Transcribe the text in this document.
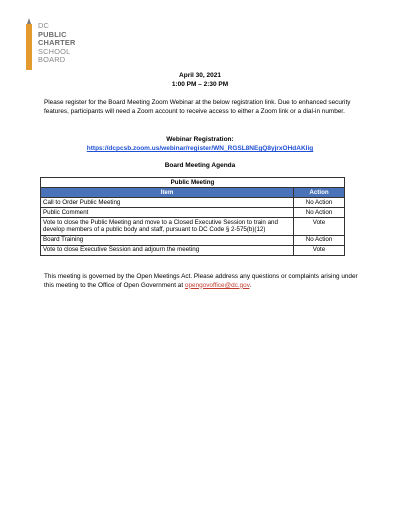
DC
PUBLIC
CHARTER
SCHOOL
BOARD
April 30, 2021
1:00 PM – 2:30 PM
Please register for the Board Meeting Zoom Webinar at the below registration link. Due to enhanced security features, participants will need a Zoom account to receive access to either a Zoom link or a dial-in number.
Webinar Registration:
https://dcpcsb.zoom.us/webinar/register/WN_RGSL8NEgQ8yjrxOHdAKlig
Board Meeting Agenda
Public Meeting	
Item	Action
Call to Order Public Meeting	No Action
Public Comment	No Action
Vote to close the Public Meeting and move to a Closed Executive Session to train and develop members of a public body and staff, pursuant to DC Code § 2-575(b)(12)	Vote
Board Training	No Action
Vote to close Executive Session and adjourn the meeting	Vote
This meeting is governed by the Open Meetings Act. Please address any questions or complaints arising under this meeting to the Office of Open Government at opengovoffice@dc.gov.
